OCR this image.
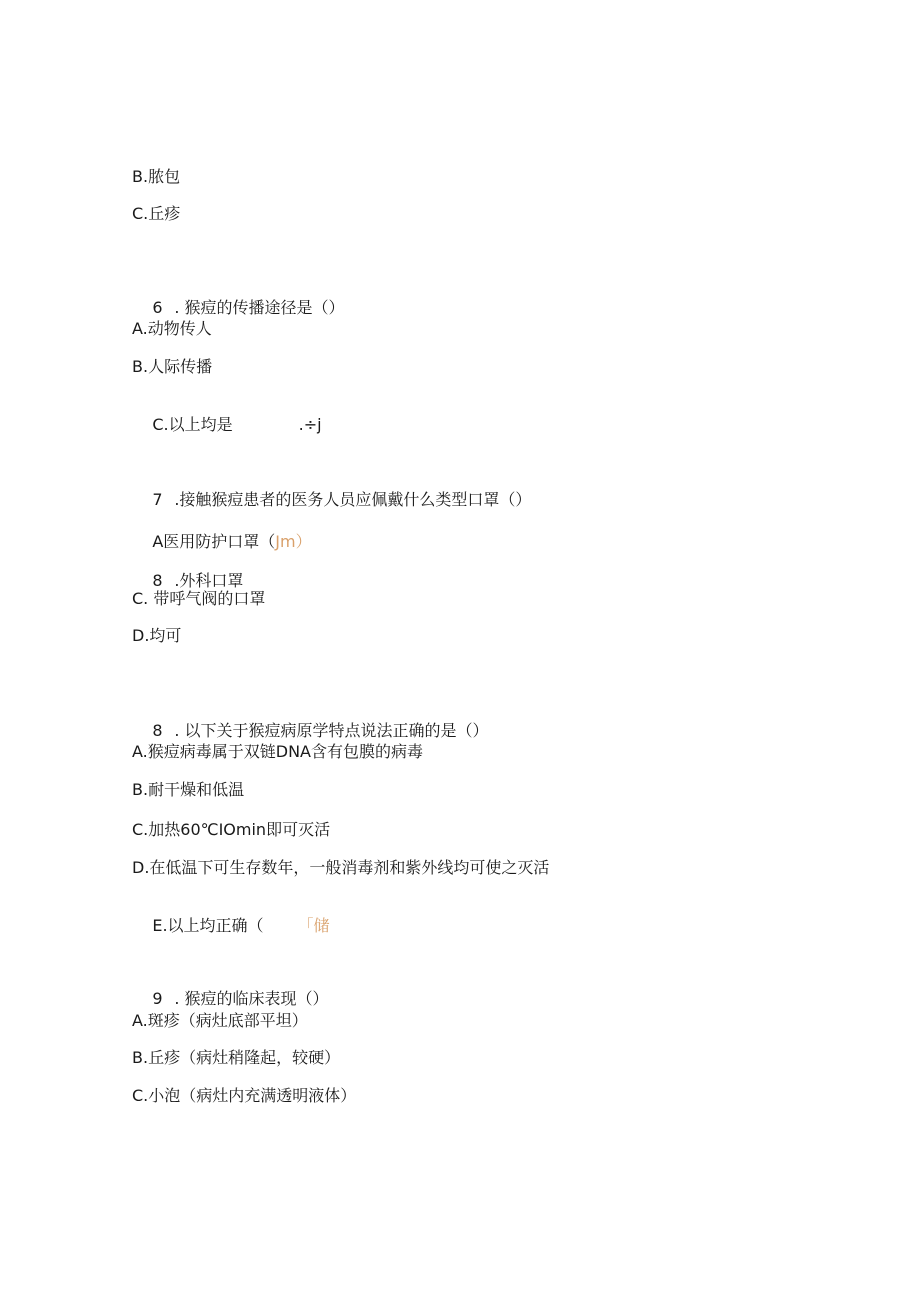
B.脓包
C.丘疹

6 . 猴痘的传播途径是（）

A.动物传人
B.人际传播

C.以上均是	.÷j

7 .接触猴痘患者的医务人员应佩戴什么类型口罩（）

A医用防护口罩（Jm）

8 .外科口罩

C. 带呼气阀的口罩
D.均可

8 . 以下关于猴痘病原学特点说法正确的是（）

A.猴痘病毒属于双链DNA含有包膜的病毒
B.耐干燥和低温
C.加热60℃IOmin即可灭活
D.在低温下可生存数年，一般消毒剂和紫外线均可使之灭活

E.以上均正确（	「储

9 . 猴痘的临床表现（）

A.斑疹（病灶底部平坦）
B.丘疹（病灶稍隆起，较硬）
C.小泡（病灶内充满透明液体）
